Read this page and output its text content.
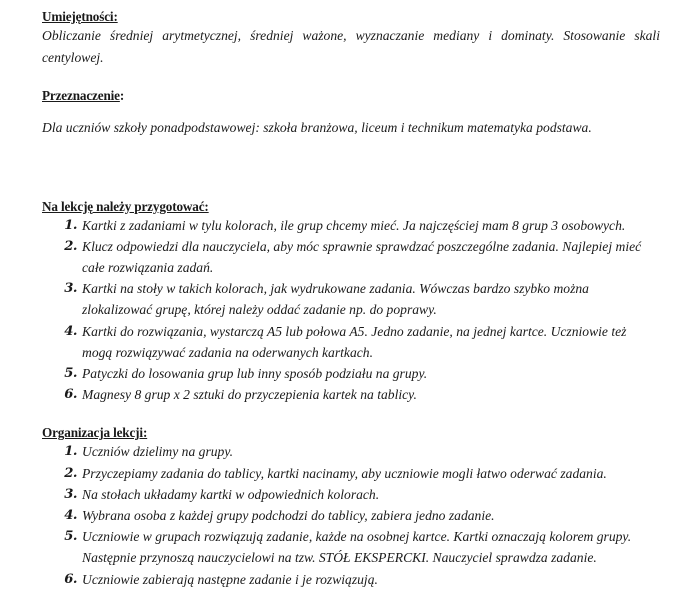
Umiejętności:

Obliczanie średniej arytmetycznej, średniej ważone, wyznaczanie mediany i dominaty. Stosowanie skali centylowej.

Przeznaczenie:

Dla uczniów szkoły ponadpodstawowej: szkoła branżowa, liceum i technikum matematyka podstawa.

Na lekcję należy przygotować:
1. Kartki z zadaniami w tylu kolorach, ile grup chcemy mieć. Ja najczęściej mam 8 grup 3 osobowych.
2. Klucz odpowiedzi dla nauczyciela, aby móc sprawnie sprawdzać poszczególne zadania. Najlepiej mieć całe rozwiązania zadań.
3. Kartki na stoły w takich kolorach, jak wydrukowane zadania. Wówczas bardzo szybko można zlokalizować grupę, której należy oddać zadanie np. do poprawy.
4. Kartki do rozwiązania, wystarczą A5 lub połowa A5. Jedno zadanie, na jednej kartce. Uczniowie też mogą rozwiązywać zadania na oderwanych kartkach.
5. Patyczki do losowania grup lub inny sposób podziału na grupy.
6. Magnesy 8 grup x 2 sztuki do przyczepienia kartek na tablicy.
Organizacja lekcji:
1. Uczniów dzielimy na grupy.
2. Przyczepiamy zadania do tablicy, kartki nacinamy, aby uczniowie mogli łatwo oderwać zadania.
3. Na stołach układamy kartki w odpowiednich kolorach.
4. Wybrana osoba z każdej grupy podchodzi do tablicy, zabiera jedno zadanie.
5. Uczniowie w grupach rozwiązują zadanie, każde na osobnej kartce. Kartki oznaczają kolorem grupy. Następnie przynoszą nauczycielowi na tzw. STÓŁ EKSPERCKI. Nauczyciel sprawdza zadanie.
6. Uczniowie zabierają następne zadanie i je rozwiązują.
